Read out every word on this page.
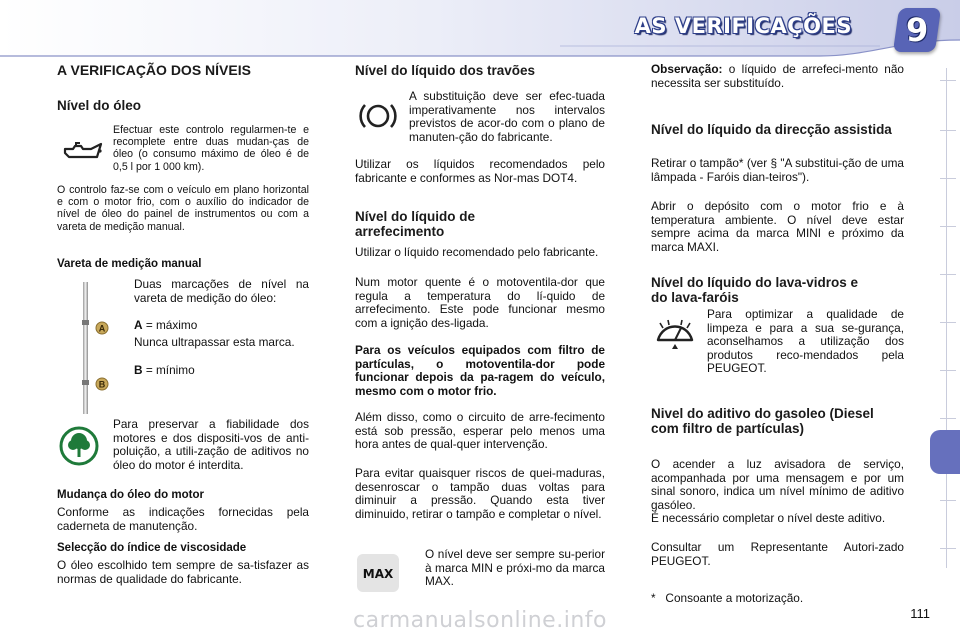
AS VERIFICAÇÕES 9
A VERIFICAÇÃO DOS NÍVEIS
Nível do óleo
Efectuar este controlo regularmen-te e recomplete entre duas mudan-ças de óleo (o consumo máximo de óleo é de 0,5 l por 1 000 km).
O controlo faz-se com o veículo em plano horizontal e com o motor frio, com o auxílio do indicador de nível de óleo do painel de instrumentos ou com a vareta de medição manual.
Vareta de medição manual
A
B
Duas marcações de nível na vareta de medição do óleo:
A = máximo
Nunca ultrapassar esta marca.
B = mínimo
Para preservar a fiabilidade dos motores e dos dispositi-vos de anti-poluição, a utili-zação de aditivos no óleo do motor é interdita.
Mudança do óleo do motor
Conforme as indicações fornecidas pela caderneta de manutenção.
Selecção do índice de viscosidade
O óleo escolhido tem sempre de sa-tisfazer as normas de qualidade do fabricante.
Nível do líquido dos travões
A substituição deve ser efec-tuada imperativamente nos intervalos previstos de acor-do com o plano de manuten-ção do fabricante.
Utilizar os líquidos recomendados pelo fabricante e conformes as Nor-mas DOT4.
Nível do líquido de arrefecimento
Utilizar o líquido recomendado pelo fabricante.
Num motor quente é o motoventila-dor que regula a temperatura do lí-quido de arrefecimento. Este pode funcionar mesmo com a ignição des-ligada.
Para os veículos equipados com filtro de partículas, o motoventila-dor pode funcionar depois da pa-ragem do veículo, mesmo com o motor frio.
Além disso, como o circuito de arre-fecimento está sob pressão, esperar pelo menos uma hora antes de qual-quer intervenção.
Para evitar quaisquer riscos de quei-maduras, desenroscar o tampão duas voltas para diminuir a pressão. Quando esta tiver diminuido, retirar o tampão e completar o nível.
MAX
O nível deve ser sempre su-perior à marca MIN e próxi-mo da marca MAX.
Observação: o líquido de arrefeci-mento não necessita ser substituído.
Nível do líquido da direcção assistida
Retirar o tampão* (ver § "A substitui-ção de uma lâmpada - Faróis dian-teiros").
Abrir o depósito com o motor frio e à temperatura ambiente. O nível deve estar sempre acima da marca MINI e próximo da marca MAXI.
Nível do líquido do lava-vidros e do lava-faróis
Para optimizar a qualidade de limpeza e para a sua se-gurança, aconselhamos a utilização dos produtos reco-mendados pela PEUGEOT.
Nivel do aditivo do gasoleo (Diesel com filtro de partículas)
O acender a luz avisadora de serviço, acompanhada por uma mensagem e por um sinal sonoro, indica um nível mínimo de aditivo gasóleo.
É necessário completar o nível deste aditivo.
Consultar um Representante Autori-zado PEUGEOT.
*   Consoante a motorização.
111
carmanualsonline.info
